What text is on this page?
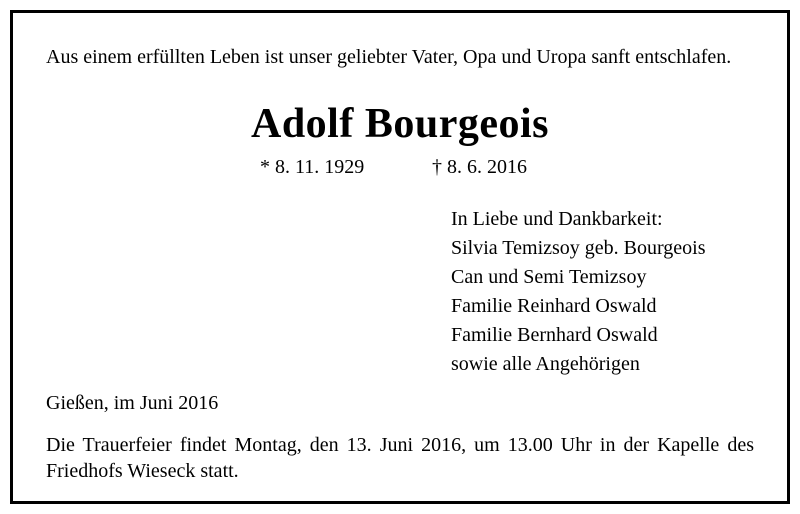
Aus einem erfüllten Leben ist unser geliebter Vater, Opa und Uropa sanft entschlafen.
Adolf Bourgeois
* 8. 11. 1929	† 8. 6. 2016
In Liebe und Dankbarkeit:
Silvia Temizsoy geb. Bourgeois
Can und Semi Temizsoy
Familie Reinhard Oswald
Familie Bernhard Oswald
sowie alle Angehörigen
Gießen, im Juni 2016
Die Trauerfeier findet Montag, den 13. Juni 2016, um 13.00 Uhr in der Kapelle des Friedhofs Wieseck statt.
